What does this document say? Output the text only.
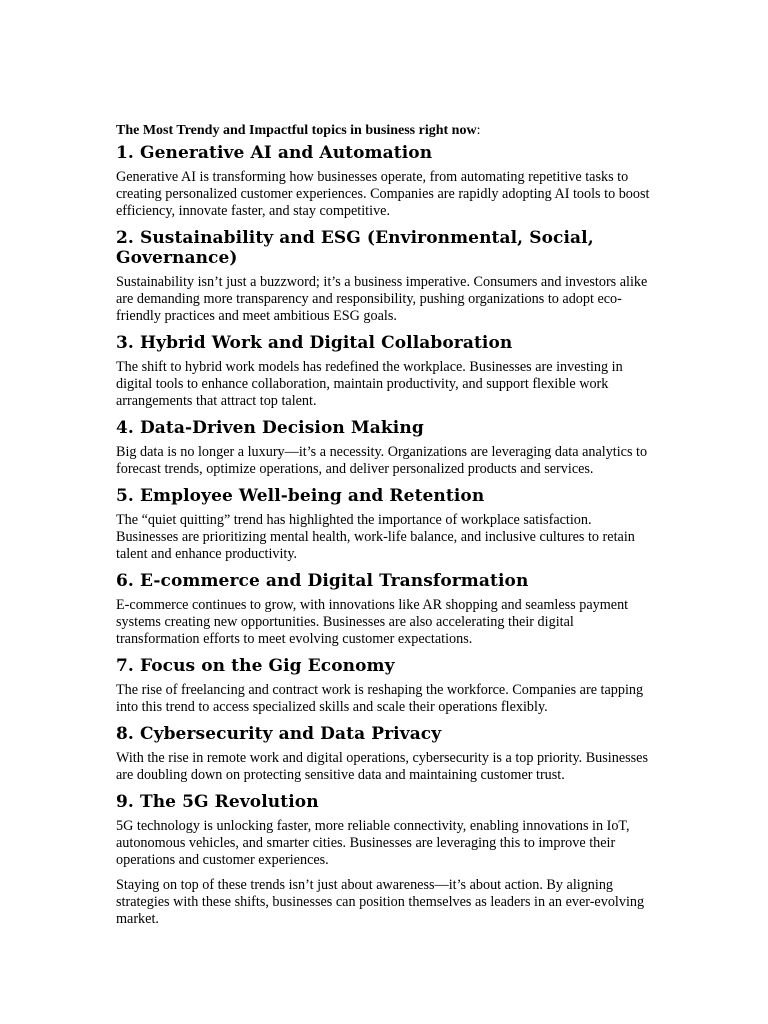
The Most Trendy and Impactful topics in business right now:

1. Generative AI and Automation

Generative AI is transforming how businesses operate, from automating repetitive tasks to creating personalized customer experiences. Companies are rapidly adopting AI tools to boost efficiency, innovate faster, and stay competitive.

2. Sustainability and ESG (Environmental, Social, Governance)

Sustainability isn’t just a buzzword; it’s a business imperative. Consumers and investors alike are demanding more transparency and responsibility, pushing organizations to adopt eco-friendly practices and meet ambitious ESG goals.

3. Hybrid Work and Digital Collaboration

The shift to hybrid work models has redefined the workplace. Businesses are investing in digital tools to enhance collaboration, maintain productivity, and support flexible work arrangements that attract top talent.

4. Data-Driven Decision Making

Big data is no longer a luxury—it’s a necessity. Organizations are leveraging data analytics to forecast trends, optimize operations, and deliver personalized products and services.

5. Employee Well-being and Retention

The “quiet quitting” trend has highlighted the importance of workplace satisfaction. Businesses are prioritizing mental health, work-life balance, and inclusive cultures to retain talent and enhance productivity.

6. E-commerce and Digital Transformation

E-commerce continues to grow, with innovations like AR shopping and seamless payment systems creating new opportunities. Businesses are also accelerating their digital transformation efforts to meet evolving customer expectations.

7. Focus on the Gig Economy

The rise of freelancing and contract work is reshaping the workforce. Companies are tapping into this trend to access specialized skills and scale their operations flexibly.

8. Cybersecurity and Data Privacy

With the rise in remote work and digital operations, cybersecurity is a top priority. Businesses are doubling down on protecting sensitive data and maintaining customer trust.

9. The 5G Revolution

5G technology is unlocking faster, more reliable connectivity, enabling innovations in IoT, autonomous vehicles, and smarter cities. Businesses are leveraging this to improve their operations and customer experiences.

Staying on top of these trends isn’t just about awareness—it’s about action. By aligning strategies with these shifts, businesses can position themselves as leaders in an ever-evolving market.
